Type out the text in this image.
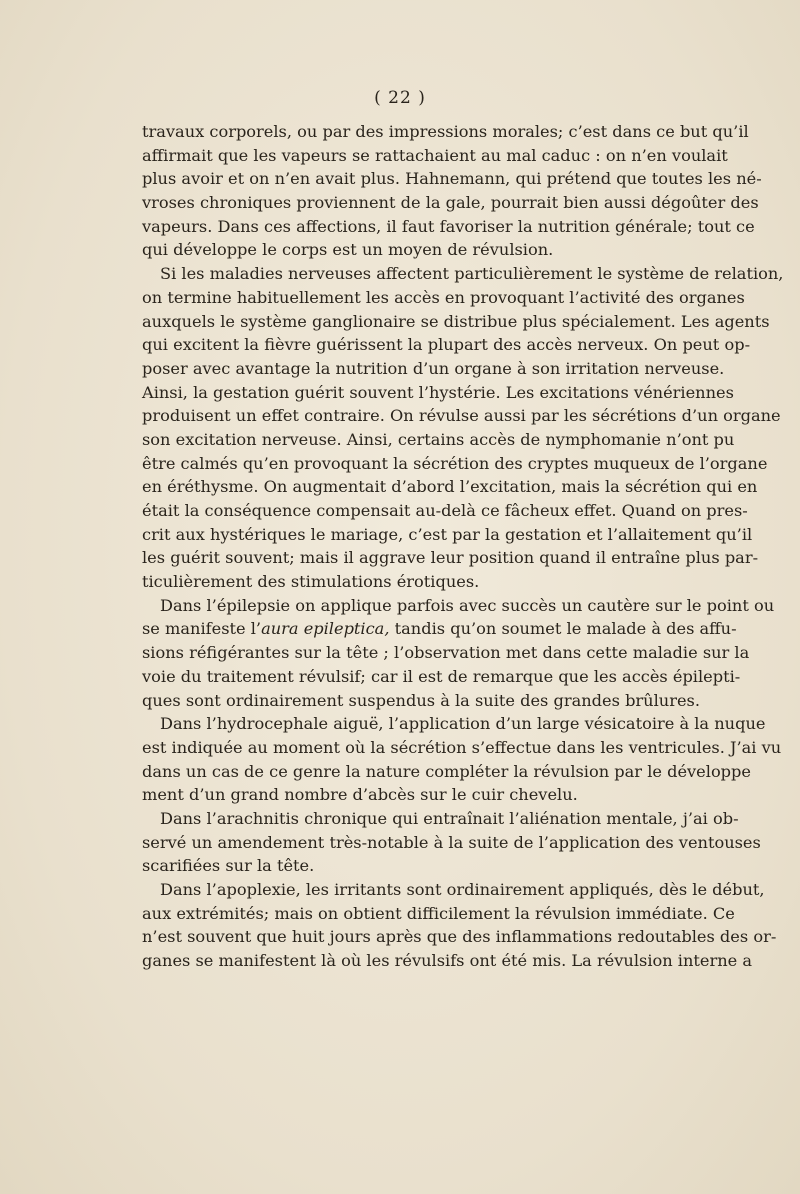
( 22 )
travaux corporels, ou par des impressions morales; c’est dans ce but qu’il
affirmait que les vapeurs se rattachaient au mal caduc : on n’en voulait
plus avoir et on n’en avait plus. Hahnemann, qui prétend que toutes les né-
vroses chroniques proviennent de la gale, pourrait bien aussi dégoûter des
vapeurs. Dans ces affections, il faut favoriser la nutrition générale; tout ce
qui développe le corps est un moyen de révulsion.
Si les maladies nerveuses affectent particulièrement le système de relation,
on termine habituellement les accès en provoquant l’activité des organes
auxquels le système ganglionaire se distribue plus spécialement. Les agents
qui excitent la fièvre guérissent la plupart des accès nerveux. On peut op-
poser avec avantage la nutrition d’un organe à son irritation nerveuse.
Ainsi, la gestation guérit souvent l’hystérie. Les excitations vénériennes
produisent un effet contraire. On révulse aussi par les sécrétions d’un organe
son excitation nerveuse. Ainsi, certains accès de nymphomanie n’ont pu
être calmés qu’en provoquant la sécrétion des cryptes muqueux de l’organe
en éréthysme. On augmentait d’abord l’excitation, mais la sécrétion qui en
était la conséquence compensait au-delà ce fâcheux effet. Quand on pres-
crit aux hystériques le mariage, c’est par la gestation et l’allaitement qu’il
les guérit souvent; mais il aggrave leur position quand il entraîne plus par-
ticulièrement des stimulations érotiques.
Dans l’épilepsie on applique parfois avec succès un cautère sur le point ou
se manifeste l’aura epileptica, tandis qu’on soumet le malade à des affu-
sions réfigérantes sur la tête ; l’observation met dans cette maladie sur la
voie du traitement révulsif; car il est de remarque que les accès épilepti-
ques sont ordinairement suspendus à la suite des grandes brûlures.
Dans l’hydrocephale aiguë, l’application d’un large vésicatoire à la nuque
est indiquée au moment où la sécrétion s’effectue dans les ventricules. J’ai vu
dans un cas de ce genre la nature compléter la révulsion par le développe
ment d’un grand nombre d’abcès sur le cuir chevelu.
Dans l’arachnitis chronique qui entraînait l’aliénation mentale, j’ai ob-
servé un amendement très-notable à la suite de l’application des ventouses
scarifiées sur la tête.
Dans l’apoplexie, les irritants sont ordinairement appliqués, dès le début,
aux extrémités; mais on obtient difficilement la révulsion immédiate. Ce
n’est souvent que huit jours après que des inflammations redoutables des or-
ganes se manifestent là où les révulsifs ont été mis. La révulsion interne a
